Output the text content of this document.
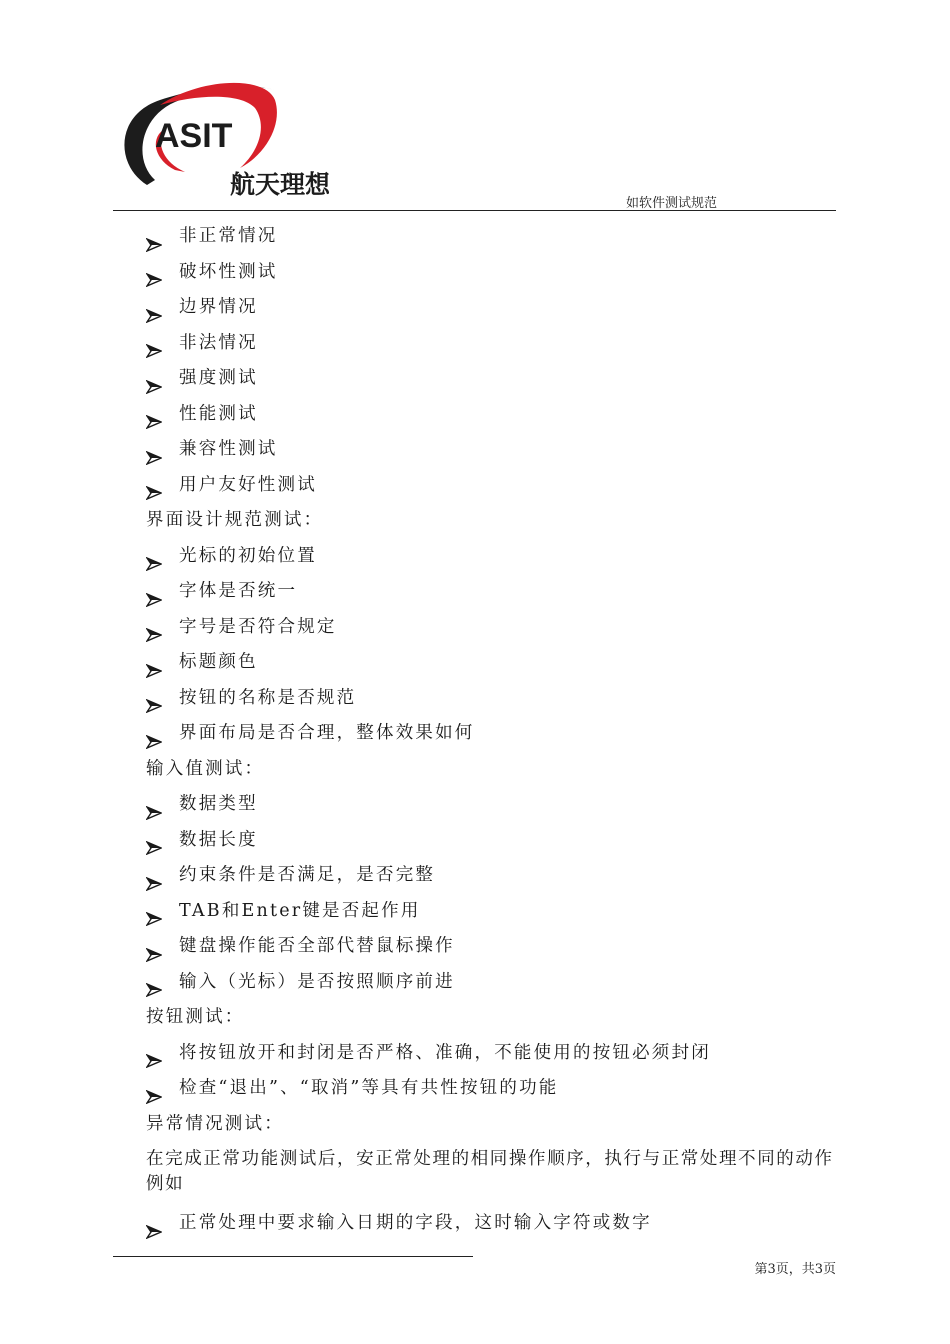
ASIT
航天理想
如软件测试规范
非正常情况
破坏性测试
边界情况
非法情况
强度测试
性能测试
兼容性测试
用户友好性测试
界面设计规范测试：
光标的初始位置
字体是否统一
字号是否符合规定
标题颜色
按钮的名称是否规范
界面布局是否合理，整体效果如何
输入值测试：
数据类型
数据长度
约束条件是否满足，是否完整
TAB和Enter键是否起作用
键盘操作能否全部代替鼠标操作
输入（光标）是否按照顺序前进
按钮测试：
将按钮放开和封闭是否严格、准确，不能使用的按钮必须封闭
检查“退出”、“取消”等具有共性按钮的功能
异常情况测试：
在完成正常功能测试后，安正常处理的相同操作顺序，执行与正常处理不同的动作例如
正常处理中要求输入日期的字段，这时输入字符或数字
第3页，共3页
